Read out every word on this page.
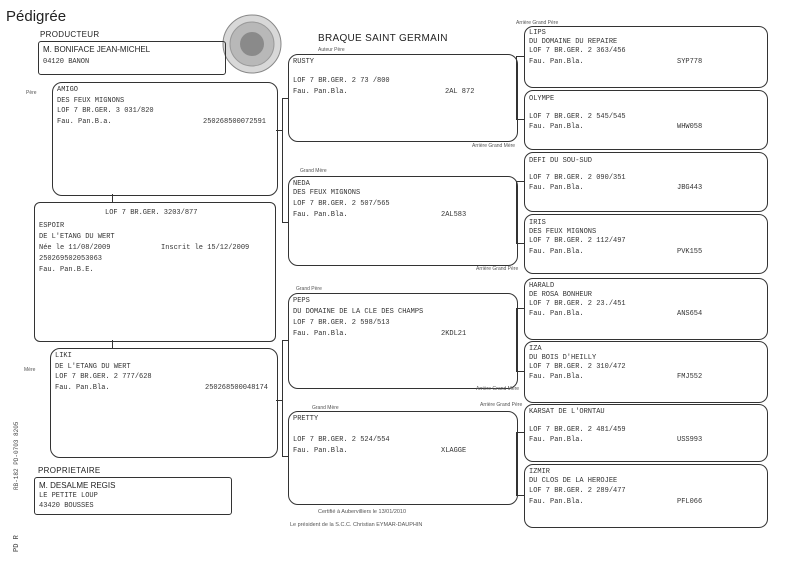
Pédigrée
PRODUCTEUR
M. BONIFACE JEAN-MICHEL
04120 BANON
BRAQUE SAINT GERMAIN
Père	AMIGO
DES FEUX MIGNONS
LOF 7 BR.GER. 3 031/820
Fau. Pan.B.a.	250268500072591
LOF 7 BR.GER. 3203/877
ESPOIR
DE L'ETANG DU WERT
Née le 11/08/2009	Inscrit le 15/12/2009
250269502053063
Fau. Pan.B.E.
Mère
LIKI
DE L'ETANG DU WERT
LOF 7 BR.GER. 2 777/628
Fau. Pan.Bla.	250268500048174
PROPRIETAIRE
M. DESALME REGIS
LE PETITE LOUP
43420 BOUSSES
RB-182 PD-0703 8205
PD R
Auteur Père
RUSTY
LOF 7 BR.GER. 2 73 /800
Fau. Pan.Bla.	2AL 872
Grand Mère
NEDA
DES FEUX MIGNONS
LOF 7 BR.GER. 2 507/565
Fau. Pan.Bla.	2AL583
Grand Père
PEPS
DU DOMAINE DE LA CLE DES CHAMPS
LOF 7 BR.GER. 2 598/513
Fau. Pan.Bla.	2KDL21
Grand Mère
PRETTY
LOF 7 BR.GER. 2 524/554
Fau. Pan.Bla.	XLAGGE
Certifié à Aubervilliers le 13/01/2010
Le président de la S.C.C. Christian EYMAR-DAUPHIN
Arrière Grand Père
LIPS
DU DOMAINE DU REPAIRE
LOF 7 BR.GER. 2 363/456
Fau. Pan.Bla.	SYP778
OLYMPE
LOF 7 BR.GER. 2 545/545
Fau. Pan.Bla.	WHW058
Arrière Grand Mère
DEFI DU SOU-SUD
LOF 7 BR.GER. 2 090/351
Fau. Pan.Bla.	JBG443
IRIS
DES FEUX MIGNONS
LOF 7 BR.GER. 2 112/497
Fau. Pan.Bla.	PVK155
Arrière Grand Père
HARALD
DE ROSA BONHEUR
LOF 7 BR.GER. 2 23./451
Fau. Pan.Bla.	ANS654
IZA
DU BOIS D'HEILLY
LOF 7 BR.GER. 2 310/472
Fau. Pan.Bla.	FMJ552
Arrière Grand Mère
KARSAT DE L'ORNTAU
LOF 7 BR.GER. 2 481/459
Fau. Pan.Bla.	USS993
Arrière Grand Père
IZMIR
DU CLOS DE LA HEROJEE
LOF 7 BR.GER. 2 289/477
Fau. Pan.Bla.	PFL066
